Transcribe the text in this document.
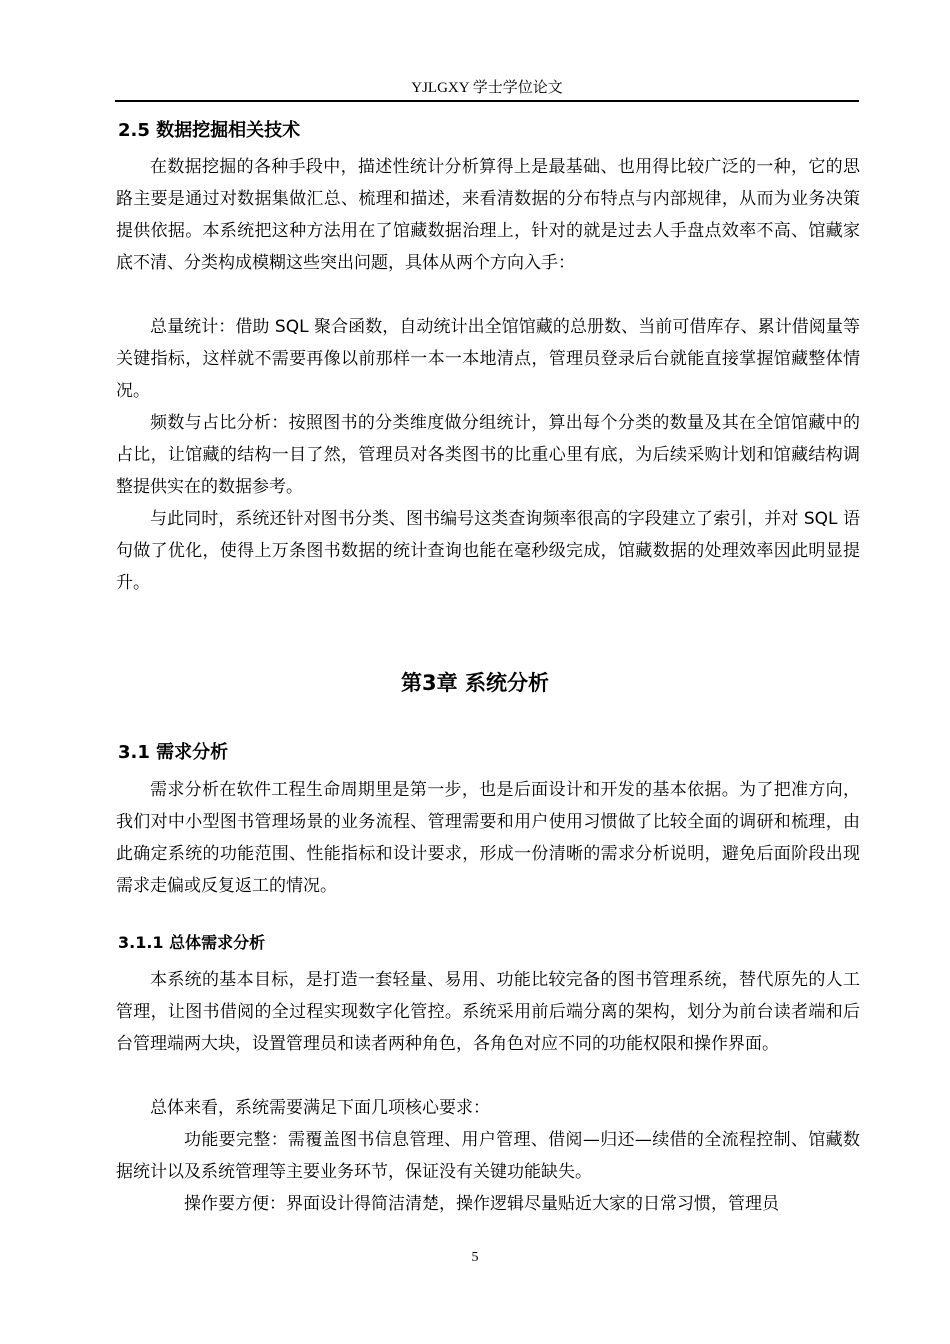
YJLGXY 学士学位论文
2.5 数据挖掘相关技术

在数据挖掘的各种手段中，描述性统计分析算得上是最基础、也用得比较广泛的一种，它的思路主要是通过对数据集做汇总、梳理和描述，来看清数据的分布特点与内部规律，从而为业务决策提供依据。本系统把这种方法用在了馆藏数据治理上，针对的就是过去人手盘点效率不高、馆藏家底不清、分类构成模糊这些突出问题，具体从两个方向入手：

总量统计：借助 SQL 聚合函数，自动统计出全馆馆藏的总册数、当前可借库存、累计借阅量等关键指标，这样就不需要再像以前那样一本一本地清点，管理员登录后台就能直接掌握馆藏整体情况。

频数与占比分析：按照图书的分类维度做分组统计，算出每个分类的数量及其在全馆馆藏中的占比，让馆藏的结构一目了然，管理员对各类图书的比重心里有底，为后续采购计划和馆藏结构调整提供实在的数据参考。

与此同时，系统还针对图书分类、图书编号这类查询频率很高的字段建立了索引，并对 SQL 语句做了优化，使得上万条图书数据的统计查询也能在毫秒级完成，馆藏数据的处理效率因此明显提升。

第3章 系统分析
3.1 需求分析

需求分析在软件工程生命周期里是第一步，也是后面设计和开发的基本依据。为了把准方向，我们对中小型图书管理场景的业务流程、管理需要和用户使用习惯做了比较全面的调研和梳理，由此确定系统的功能范围、性能指标和设计要求，形成一份清晰的需求分析说明，避免后面阶段出现需求走偏或反复返工的情况。

3.1.1 总体需求分析

本系统的基本目标，是打造一套轻量、易用、功能比较完备的图书管理系统，替代原先的人工管理，让图书借阅的全过程实现数字化管控。系统采用前后端分离的架构，划分为前台读者端和后台管理端两大块，设置管理员和读者两种角色，各角色对应不同的功能权限和操作界面。

总体来看，系统需要满足下面几项核心要求：

功能要完整：需覆盖图书信息管理、用户管理、借阅—归还—续借的全流程控制、馆藏数据统计以及系统管理等主要业务环节，保证没有关键功能缺失。

操作要方便：界面设计得简洁清楚，操作逻辑尽量贴近大家的日常习惯，管理员

5
